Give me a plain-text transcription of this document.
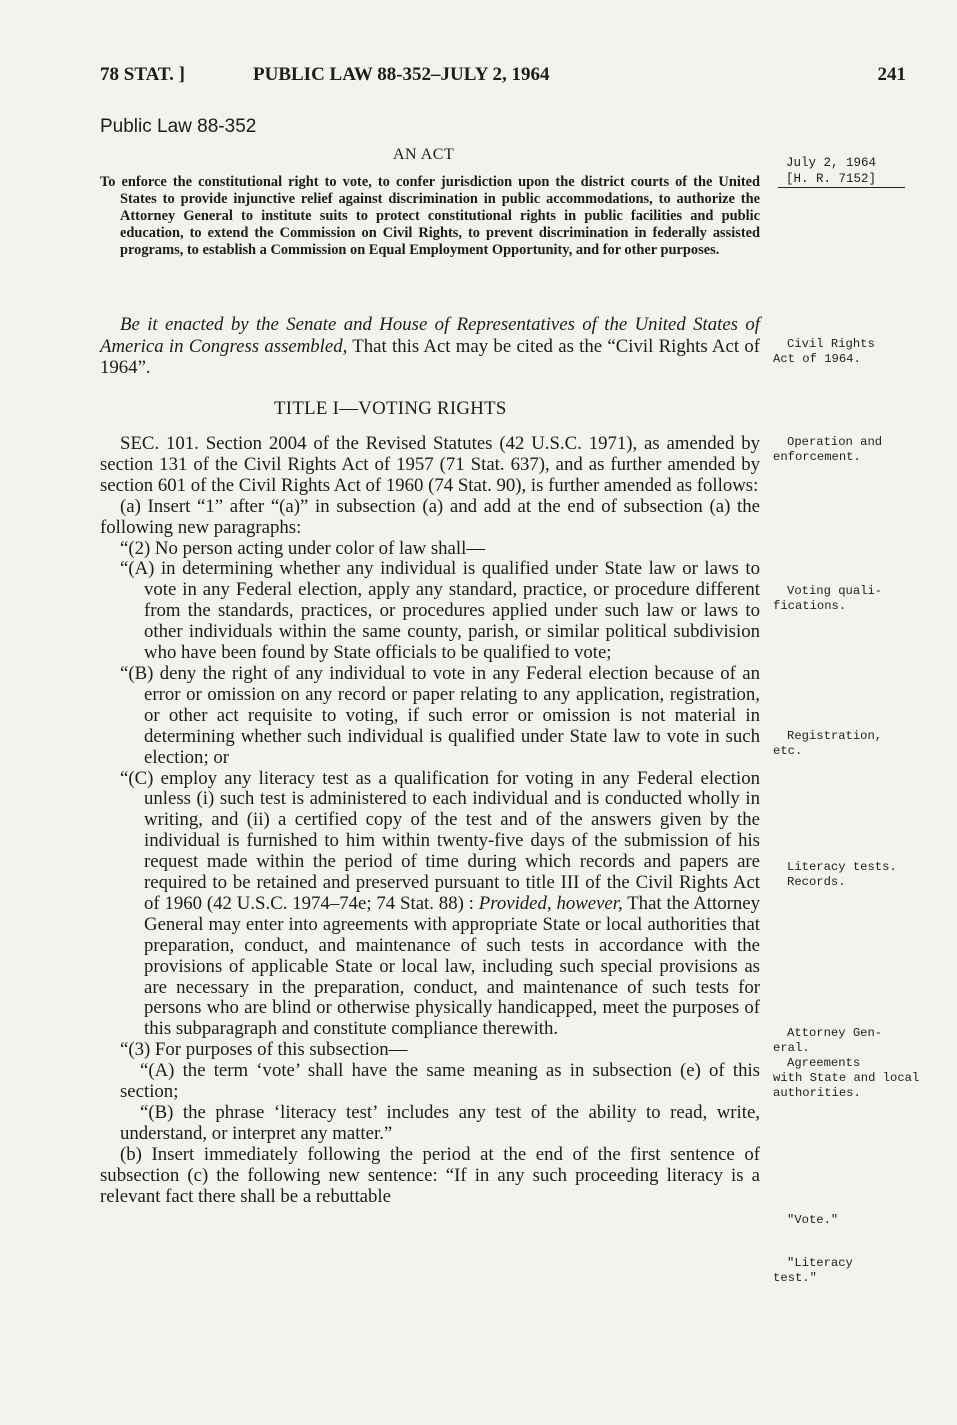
78 STAT. ]	PUBLIC LAW 88-352–JULY 2, 1964	241
Public Law 88-352
AN ACT
To enforce the constitutional right to vote, to confer jurisdiction upon the district courts of the United States to provide injunctive relief against discrimination in public accommodations, to authorize the Attorney General to institute suits to protect constitutional rights in public facilities and public education, to extend the Commission on Civil Rights, to prevent discrimination in federally assisted programs, to establish a Commission on Equal Employment Opportunity, and for other purposes.
July 2, 1964
[H. R. 7152]
Be it enacted by the Senate and House of Representatives of the United States of America in Congress assembled, That this Act may be cited as the “Civil Rights Act of 1964”.
TITLE I—VOTING RIGHTS

SEC. 101. Section 2004 of the Revised Statutes (42 U.S.C. 1971), as amended by section 131 of the Civil Rights Act of 1957 (71 Stat. 637), and as further amended by section 601 of the Civil Rights Act of 1960 (74 Stat. 90), is further amended as follows:

(a) Insert “1” after “(a)” in subsection (a) and add at the end of subsection (a) the following new paragraphs:

“(2) No person acting under color of law shall—

“(A) in determining whether any individual is qualified under State law or laws to vote in any Federal election, apply any standard, practice, or procedure different from the standards, practices, or procedures applied under such law or laws to other individuals within the same county, parish, or similar political subdivision who have been found by State officials to be qualified to vote;

“(B) deny the right of any individual to vote in any Federal election because of an error or omission on any record or paper relating to any application, registration, or other act requisite to voting, if such error or omission is not material in determining whether such individual is qualified under State law to vote in such election; or

“(C) employ any literacy test as a qualification for voting in any Federal election unless (i) such test is administered to each individual and is conducted wholly in writing, and (ii) a certified copy of the test and of the answers given by the individual is furnished to him within twenty-five days of the submission of his request made within the period of time during which records and papers are required to be retained and preserved pursuant to title III of the Civil Rights Act of 1960 (42 U.S.C. 1974–74e; 74 Stat. 88) : Provided, however, That the Attorney General may enter into agreements with appropriate State or local authorities that preparation, conduct, and maintenance of such tests in accordance with the provisions of applicable State or local law, including such special provisions as are necessary in the preparation, conduct, and maintenance of such tests for persons who are blind or otherwise physically handicapped, meet the purposes of this subparagraph and constitute compliance therewith.

“(3) For purposes of this subsection—

“(A) the term ‘vote’ shall have the same meaning as in subsection (e) of this section;

“(B) the phrase ‘literacy test’ includes any test of the ability to read, write, understand, or interpret any matter.”

(b) Insert immediately following the period at the end of the first sentence of subsection (c) the following new sentence: “If in any such proceeding literacy is a relevant fact there shall be a rebuttable

Civil Rights
Act of 1964.
Operation and
enforcement.
Voting quali-
fications.
Registration,
etc.
Literacy tests.
Records.
Attorney Gen-
eral.
Agreements
with State and local authorities.
"Vote."
"Literacy
test."
